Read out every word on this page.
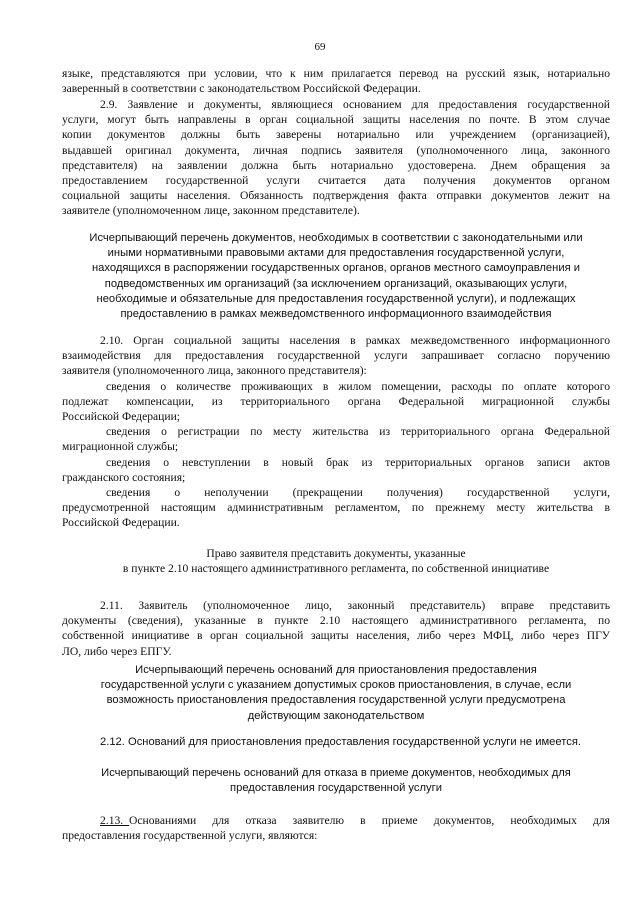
69
языке, представляются при условии, что к ним прилагается перевод на русский язык, нотариально
заверенный в соответствии с законодательством Российской Федерации.
2.9. Заявление и документы, являющиеся основанием для предоставления государственной
услуги, могут быть направлены в орган социальной защиты населения по почте. В этом случае
копии документов должны быть заверены нотариально или учреждением (организацией),
выдавшей оригинал документа, личная подпись заявителя (уполномоченного лица, законного
представителя) на заявлении должна быть нотариально удостоверена. Днем обращения за
предоставлением государственной услуги считается дата получения документов органом
социальной защиты населения. Обязанность подтверждения факта отправки документов лежит на
заявителе (уполномоченном лице, законном представителе).
Исчерпывающий перечень документов, необходимых в соответствии с законодательными или
иными нормативными правовыми актами для предоставления государственной услуги,
находящихся в распоряжении государственных органов, органов местного самоуправления и
подведомственных им организаций (за исключением организаций, оказывающих услуги,
необходимые и обязательные для предоставления государственной услуги), и подлежащих
предоставлению в рамках межведомственного информационного взаимодействия
2.10. Орган социальной защиты населения в рамках межведомственного информационного
взаимодействия для предоставления государственной услуги запрашивает согласно поручению
заявителя (уполномоченного лица, законного представителя):
сведения о количестве проживающих в жилом помещении, расходы по оплате которого
подлежат компенсации, из территориального органа Федеральной миграционной службы
Российской Федерации;
сведения о регистрации по месту жительства из территориального органа Федеральной
миграционной службы;
сведения о невступлении в новый брак из территориальных органов записи актов
гражданского состояния;
сведения о неполучении (прекращении получения) государственной услуги,
предусмотренной настоящим административным регламентом, по прежнему месту жительства в
Российской Федерации.
Право заявителя представить документы, указанные
в пункте 2.10 настоящего административного регламента, по собственной инициативе
2.11. Заявитель (уполномоченное лицо, законный представитель) вправе представить
документы (сведения), указанные в пункте 2.10 настоящего административного регламента, по
собственной инициативе в орган социальной защиты населения, либо через МФЦ, либо через ПГУ
ЛО, либо через ЕПГУ.
Исчерпывающий перечень оснований для приостановления предоставления
государственной услуги с указанием допустимых сроков приостановления, в случае, если
возможность приостановления предоставления государственной услуги предусмотрена
действующим законодательством
2.12. Оснований для приостановления предоставления государственной услуги не имеется.
Исчерпывающий перечень оснований для отказа в приеме документов, необходимых для
предоставления государственной услуги
2.13._Основаниями для отказа заявителю в приеме документов, необходимых для
предоставления государственной услуги, являются:
